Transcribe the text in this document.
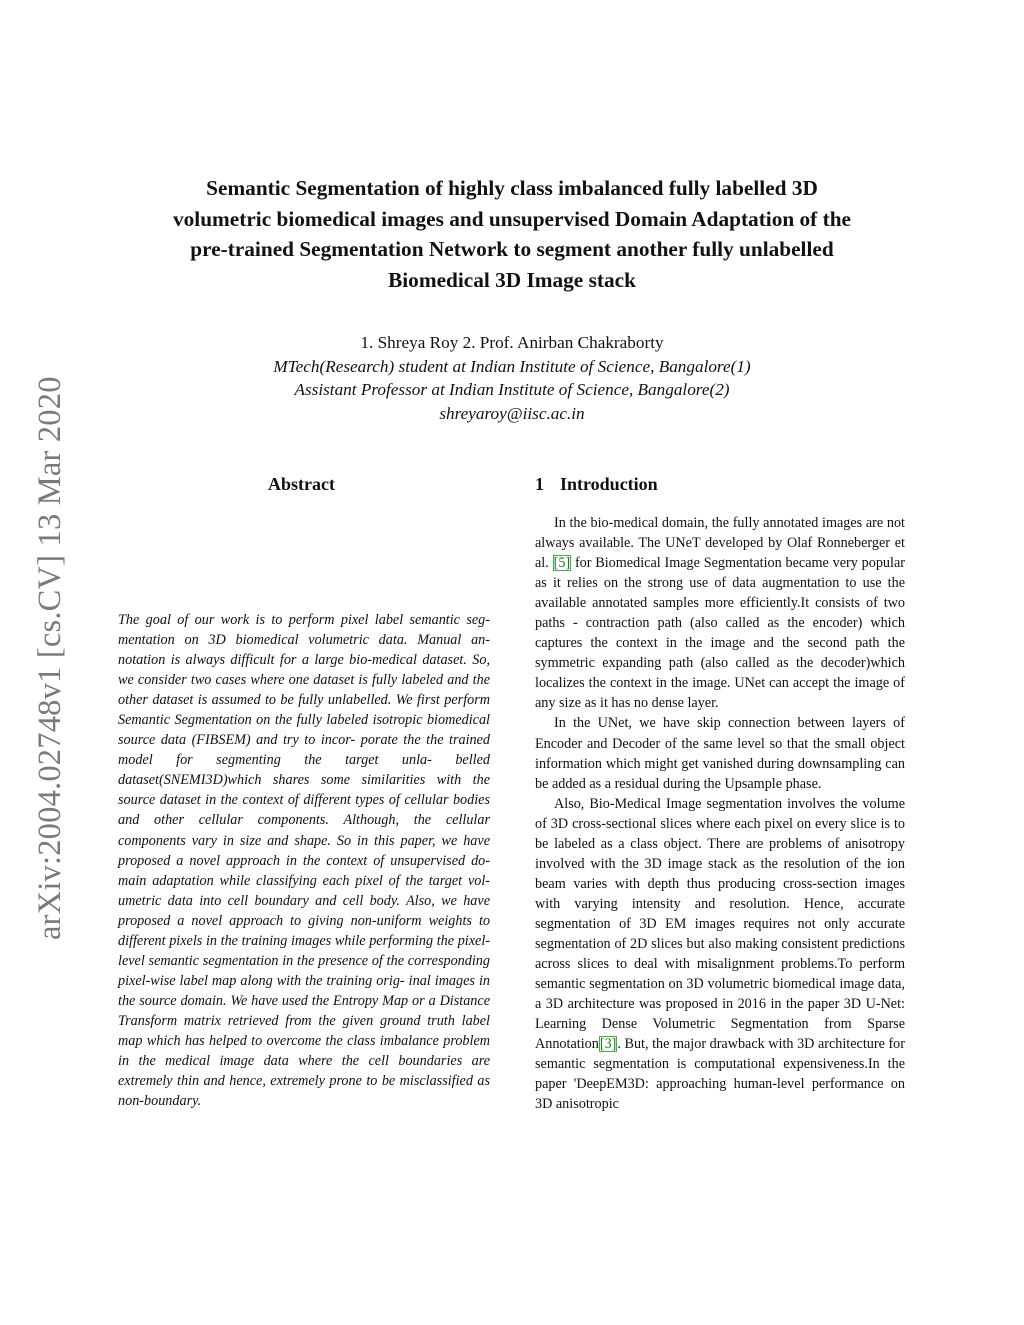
arXiv:2004.02748v1 [cs.CV] 13 Mar 2020
Semantic Segmentation of highly class imbalanced fully labelled 3D
volumetric biomedical images and unsupervised Domain Adaptation of the
pre-trained Segmentation Network to segment another fully unlabelled
Biomedical 3D Image stack
1. Shreya Roy 2. Prof. Anirban Chakraborty
MTech(Research) student at Indian Institute of Science, Bangalore(1)
Assistant Professor at Indian Institute of Science, Bangalore(2)
shreyaroy@iisc.ac.in
Abstract	1 Introduction
The goal of our work is to perform pixel label semantic seg- mentation on 3D biomedical volumetric data. Manual an- notation is always difficult for a large bio-medical dataset. So, we consider two cases where one dataset is fully labeled and the other dataset is assumed to be fully unlabelled. We first perform Semantic Segmentation on the fully labeled isotropic biomedical source data (FIBSEM) and try to incor- porate the the trained model for segmenting the target unla- belled dataset(SNEMI3D)which shares some similarities with the source dataset in the context of different types of cellular bodies and other cellular components. Although, the cellular components vary in size and shape. So in this paper, we have proposed a novel approach in the context of unsupervised do- main adaptation while classifying each pixel of the target vol- umetric data into cell boundary and cell body. Also, we have proposed a novel approach to giving non-uniform weights to different pixels in the training images while performing the pixel-level semantic segmentation in the presence of the corresponding pixel-wise label map along with the training orig- inal images in the source domain. We have used the Entropy Map or a Distance Transform matrix retrieved from the given ground truth label map which has helped to overcome the class imbalance problem in the medical image data where the cell boundaries are extremely thin and hence, extremely prone to be misclassified as non-boundary.

In the bio-medical domain, the fully annotated images are not always available. The UNeT developed by Olaf Ronneberger et al. [5] for Biomedical Image Segmentation became very popular as it relies on the strong use of data augmentation to use the available annotated samples more efficiently.It consists of two paths - contraction path (also called as the encoder) which captures the context in the image and the second path the symmetric expanding path (also called as the decoder)which localizes the context in the image. UNet can accept the image of any size as it has no dense layer.

In the UNet, we have skip connection between layers of Encoder and Decoder of the same level so that the small object information which might get vanished during downsampling can be added as a residual during the Upsample phase.

Also, Bio-Medical Image segmentation involves the volume of 3D cross-sectional slices where each pixel on every slice is to be labeled as a class object. There are problems of anisotropy involved with the 3D image stack as the resolution of the ion beam varies with depth thus producing cross-section images with varying intensity and resolution. Hence, accurate segmentation of 3D EM images requires not only accurate segmentation of 2D slices but also making consistent predictions across slices to deal with misalignment problems.To perform semantic segmentation on 3D volumetric biomedical image data, a 3D architecture was proposed in 2016 in the paper 3D U-Net: Learning Dense Volumetric Segmentation from Sparse Annotation[3]. But, the major drawback with 3D architecture for semantic segmentation is computational expensiveness.In the paper 'DeepEM3D: approaching human-level performance on 3D anisotropic
